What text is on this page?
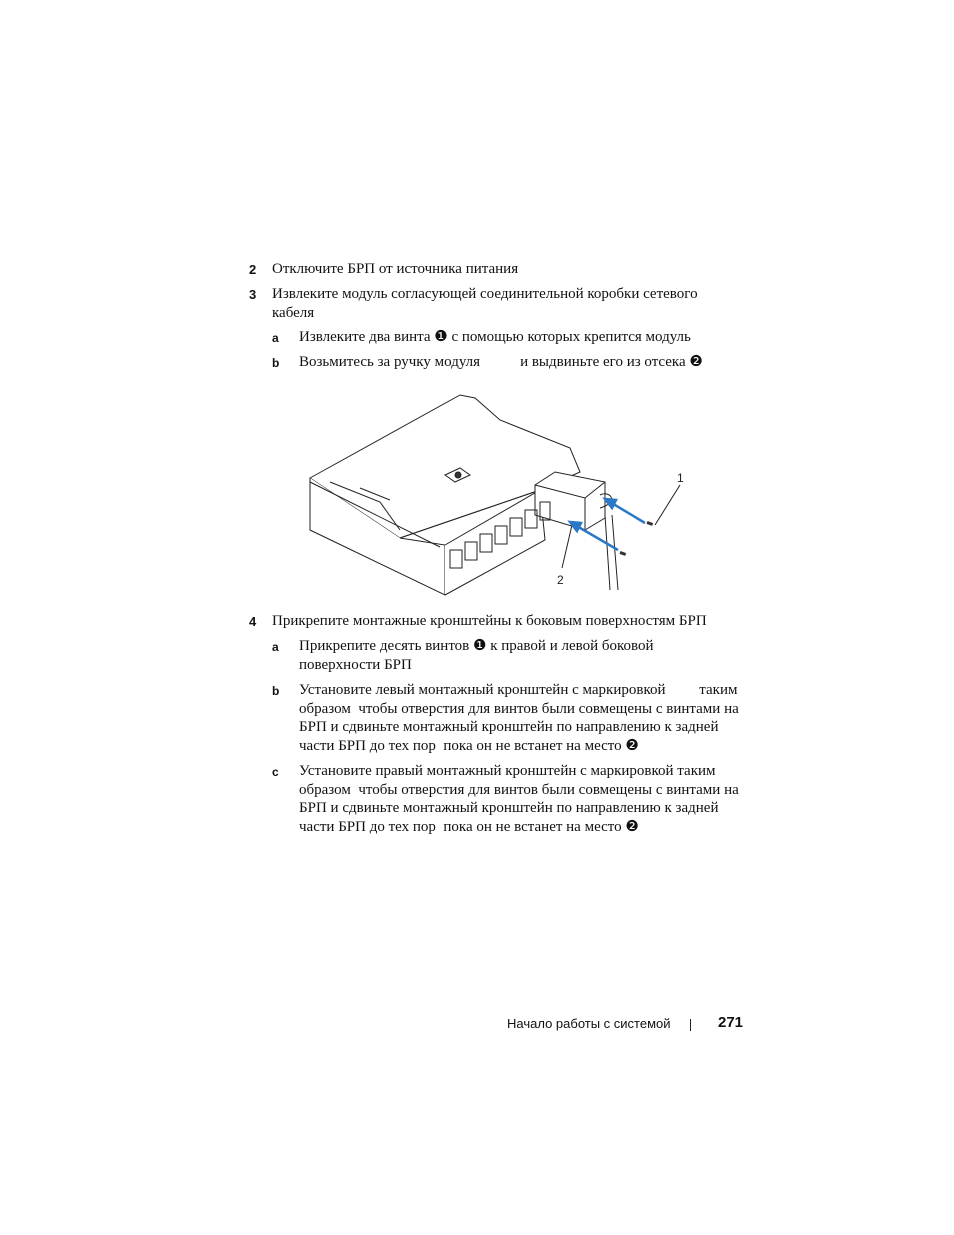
2 Отключите БРП от источника питания
3 Извлеките модуль согласующей соединительной коробки сетевого кабеля
a Извлеките два винта ❶ с помощью которых крепится модуль
b Возьмитесь за ручку модуля	и выдвиньте его из отсека ❷
1
2
4 Прикрепите монтажные кронштейны к боковым поверхностям БРП
a Прикрепите десять винтов ❶ к правой и левой боковой поверхности БРП
b Установите левый монтажный кронштейн с маркировкой         таким образом  чтобы отверстия для винтов были совмещены с винтами на БРП и сдвиньте монтажный кронштейн по направлению к задней части БРП до тех пор  пока он не встанет на место ❷
c Установите правый монтажный кронштейн с маркировкой таким образом  чтобы отверстия для винтов были совмещены с винтами на БРП и сдвиньте монтажный кронштейн по направлению к задней части БРП до тех пор  пока он не встанет на место ❷
Начало работы с системой	271
